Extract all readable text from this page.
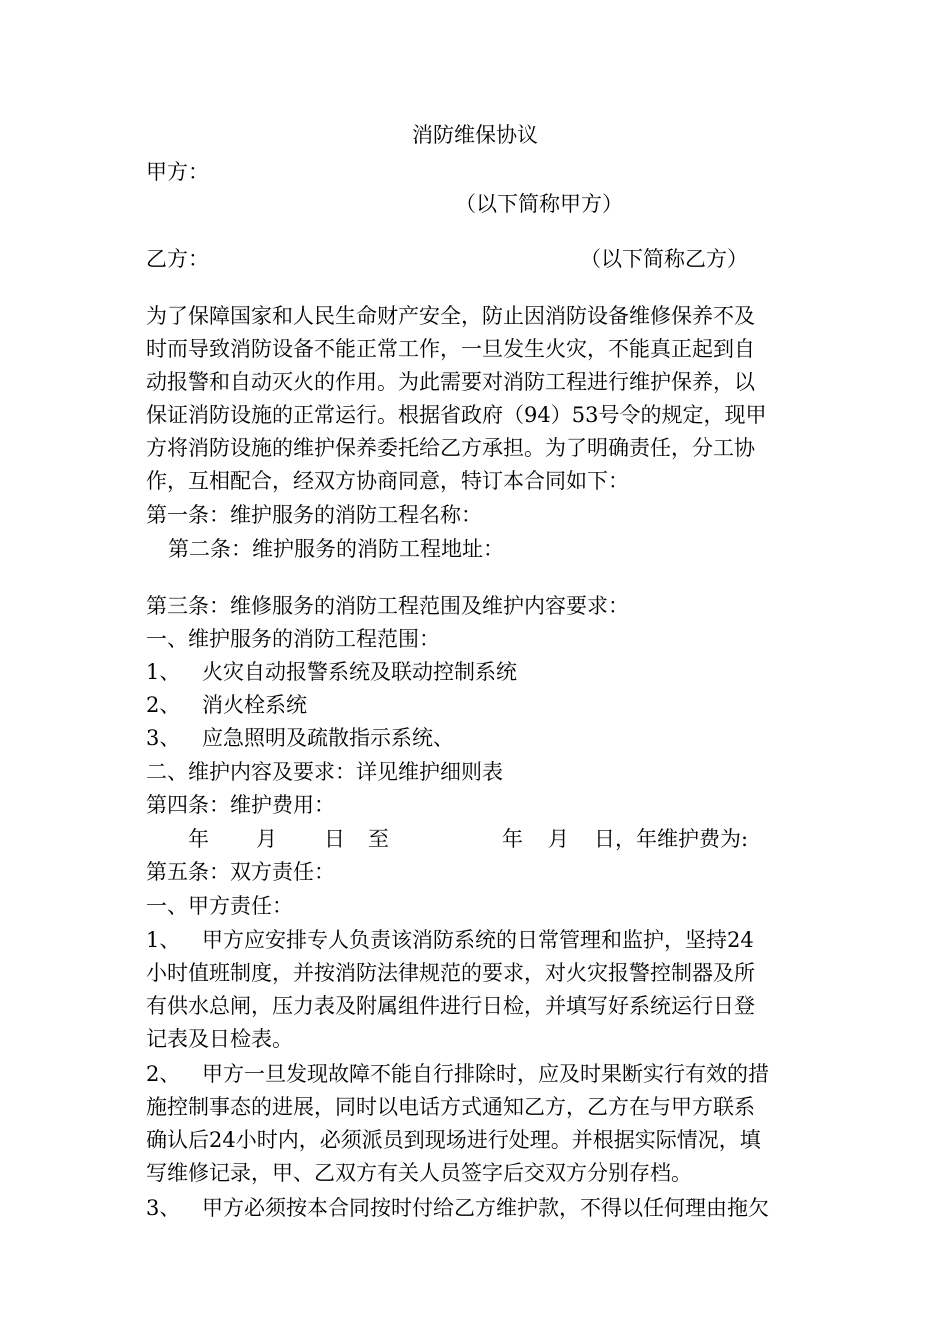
消防维保协议
甲方：
（以下简称甲方）
乙方：	（以下简称乙方）
为了保障国家和人民生命财产安全，防止因消防设备维修保养不及
时而导致消防设备不能正常工作，一旦发生火灾，不能真正起到自
动报警和自动灭火的作用。为此需要对消防工程进行维护保养，以
保证消防设施的正常运行。根据省政府（94）53号令的规定，现甲
方将消防设施的维护保养委托给乙方承担。为了明确责任，分工协
作，互相配合，经双方协商同意，特订本合同如下：
第一条：维护服务的消防工程名称：
第二条：维护服务的消防工程地址：
第三条：维修服务的消防工程范围及维护内容要求：
一、维护服务的消防工程范围：
1、 火灾自动报警系统及联动控制系统
2、 消火栓系统
3、 应急照明及疏散指示系统、
二、维护内容及要求：详见维护细则表
第四条：维护费用：
年 月 日 至	年 月 日，年维护费为:
第五条：双方责任：
一、甲方责任：
1、 甲方应安排专人负责该消防系统的日常管理和监护，坚持24
小时值班制度，并按消防法律规范的要求，对火灾报警控制器及所
有供水总闸，压力表及附属组件进行日检，并填写好系统运行日登
记表及日检表。
2、 甲方一旦发现故障不能自行排除时，应及时果断实行有效的措
施控制事态的进展，同时以电话方式通知乙方，乙方在与甲方联系
确认后24小时内，必须派员到现场进行处理。并根据实际情况，填
写维修记录，甲、乙双方有关人员签字后交双方分别存档。
3、 甲方必须按本合同按时付给乙方维护款，不得以任何理由拖欠
